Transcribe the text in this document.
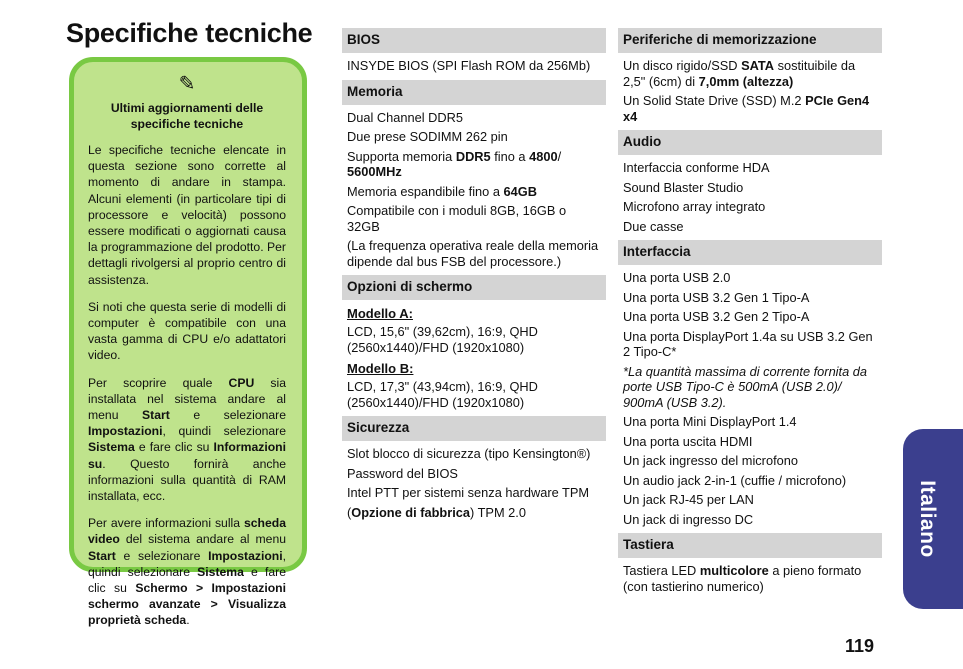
Specifiche tecniche
✎
Ultimi aggiornamenti delle specifiche tecniche

Le specifiche tecniche elencate in questa sezione sono corrette al momento di andare in stampa. Alcuni elementi (in particolare tipi di processore e velocità) possono essere modificati o aggiornati causa la programmazione del prodotto. Per dettagli rivolgersi al proprio centro di assistenza.

Si noti che questa serie di modelli di computer è compatibile con una vasta gamma di CPU e/o adattatori video.

Per scoprire quale CPU sia installata nel sistema andare al menu Start e selezionare Impostazioni, quindi selezionare Sistema e fare clic su Informazioni su. Questo fornirà anche informazioni sulla quantità di RAM installata, ecc.

Per avere informazioni sulla scheda video del sistema andare al menu Start e selezionare Impostazioni, quindi selezionare Sistema e fare clic su Schermo > Impostazioni schermo avanzate > Visualizza proprietà scheda.

BIOS
INSYDE BIOS (SPI Flash ROM da 256Mb)
Memoria
Dual Channel DDR5
Due prese SODIMM 262 pin
Supporta memoria DDR5 fino a 4800/ 5600MHz
Memoria espandibile fino a 64GB
Compatibile con i moduli 8GB, 16GB o 32GB
(La frequenza operativa reale della memoria dipende dal bus FSB del processore.)
Opzioni di schermo
Modello A:
LCD, 15,6" (39,62cm), 16:9, QHD (2560x1440)/FHD (1920x1080)
Modello B:
LCD, 17,3" (43,94cm), 16:9, QHD (2560x1440)/FHD (1920x1080)
Sicurezza
Slot blocco di sicurezza (tipo Kensington®)
Password del BIOS
Intel PTT per sistemi senza hardware TPM
(Opzione di fabbrica) TPM 2.0
Periferiche di memorizzazione
Un disco rigido/SSD SATA sostituibile da 2,5" (6cm) di 7,0mm (altezza)
Un Solid State Drive (SSD) M.2 PCIe Gen4 x4
Audio
Interfaccia conforme HDA
Sound Blaster Studio
Microfono array integrato
Due casse
Interfaccia
Una porta USB 2.0
Una porta USB 3.2 Gen 1 Tipo-A
Una porta USB 3.2 Gen 2 Tipo-A
Una porta DisplayPort 1.4a su USB 3.2 Gen 2 Tipo-C*
*La quantità massima di corrente fornita da porte USB Tipo-C è 500mA (USB 2.0)/ 900mA (USB 3.2).
Una porta Mini DisplayPort 1.4
Una porta uscita HDMI
Un jack ingresso del microfono
Un audio jack 2-in-1 (cuffie / microfono)
Un jack RJ-45 per LAN
Un jack di ingresso DC
Tastiera
Tastiera LED multicolore a pieno formato (con tastierino numerico)
Italiano
119
